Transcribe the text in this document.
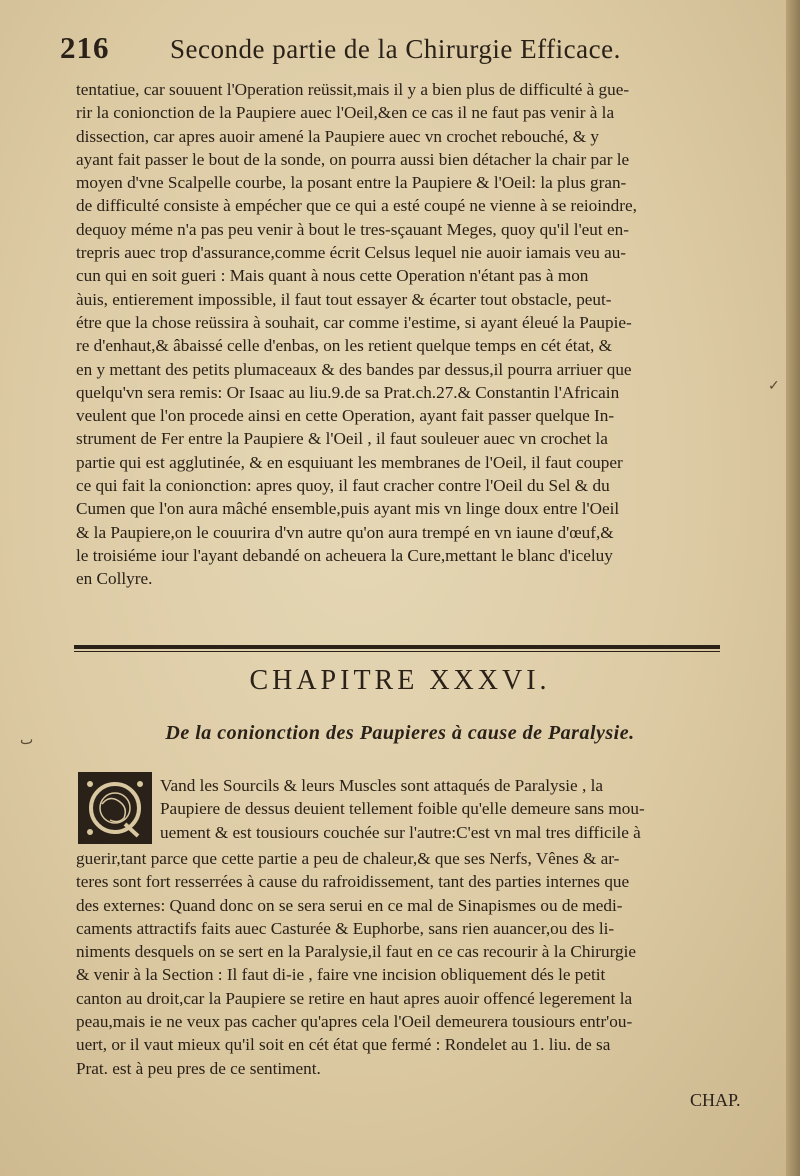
216	Seconde partie de la Chirurgie Efficace.
tentatiue, car souuent l'Operation reüssit,mais il y a bien plus de difficulté à gue-
rir la conionction de la Paupiere auec l'Oeil,&en ce cas il ne faut pas venir à la
dissection, car apres auoir amené la Paupiere auec vn crochet rebouché, & y
ayant fait passer le bout de la sonde, on pourra aussi bien détacher la chair par le
moyen d'vne Scalpelle courbe, la posant entre la Paupiere & l'Oeil: la plus gran-
de difficulté consiste à empécher que ce qui a esté coupé ne vienne à se reioindre,
dequoy méme n'a pas peu venir à bout le tres-sçauant Meges, quoy qu'il l'eut en-
trepris auec trop d'assurance,comme écrit Celsus lequel nie auoir iamais veu au-
cun qui en soit gueri : Mais quant à nous cette Operation n'étant pas à mon
àuis, entierement impossible, il faut tout essayer & écarter tout obstacle, peut-
étre que la chose reüssira à souhait, car comme i'estime, si ayant éleué la Paupie-
re d'enhaut,& âbaissé celle d'enbas, on les retient quelque temps en cét état, &
en y mettant des petits plumaceaux & des bandes par dessus,il pourra arriuer que
quelqu'vn sera remis: Or Isaac au liu.9.de sa Prat.ch.27.& Constantin l'Africain
veulent que l'on procede ainsi en cette Operation, ayant fait passer quelque In-
strument de Fer entre la Paupiere & l'Oeil , il faut souleuer auec vn crochet la
partie qui est agglutinée, & en esquiuant les membranes de l'Oeil, il faut couper
ce qui fait la conionction: apres quoy, il faut cracher contre l'Oeil du Sel & du
Cumen que l'on aura mâché ensemble,puis ayant mis vn linge doux entre l'Oeil
& la Paupiere,on le couurira d'vn autre qu'on aura trempé en vn iaune d'œuf,&
le troisiéme iour l'ayant debandé on acheuera la Cure,mettant le blanc d'iceluy
en Collyre.
CHAPITRE XXXVI.
De la conionction des Paupieres à cause de Paralysie.
Vand les Sourcils & leurs Muscles sont attaqués de Paralysie , la
Paupiere de dessus deuient tellement foible qu'elle demeure sans mou-
uement & est tousiours couchée sur l'autre:C'est vn mal tres difficile à
guerir,tant parce que cette partie a peu de chaleur,& que ses Nerfs, Vênes & ar-
teres sont fort resserrées à cause du rafroidissement, tant des parties internes que
des externes: Quand donc on se sera serui en ce mal de Sinapismes ou de medi-
caments attractifs faits auec Casturée & Euphorbe, sans rien auancer,ou des li-
niments desquels on se sert en la Paralysie,il faut en ce cas recourir à la Chirurgie
& venir à la Section : Il faut di-ie , faire vne incision obliquement dés le petit
canton au droit,car la Paupiere se retire en haut apres auoir offencé legerement la
peau,mais ie ne veux pas cacher qu'apres cela l'Oeil demeurera tousiours entr'ou-
uert, or il vaut mieux qu'il soit en cét état que fermé : Rondelet au 1. liu. de sa
Prat. est à peu pres de ce sentiment.
CHAP.
ٮ
✓
